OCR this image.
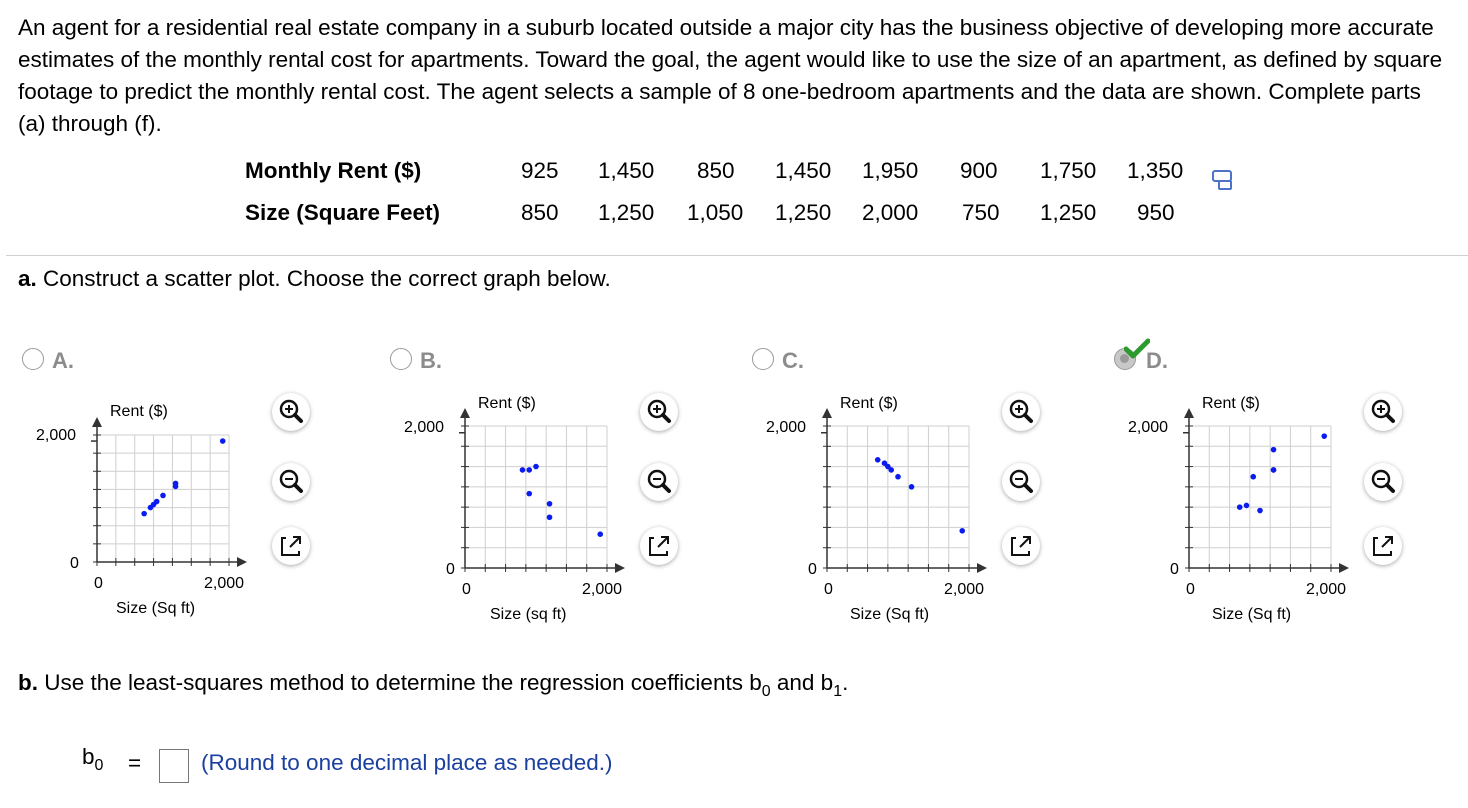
An agent for a residential real estate company in a suburb located outside a major city has the business objective of developing more accurate estimates of the monthly rental cost for apartments. Toward the goal, the agent would like to use the size of an apartment, as defined by square footage to predict the monthly rental cost. The agent selects a sample of 8 one-bedroom apartments and the data are shown. Complete parts (a) through (f).
Monthly Rent ($)	925 1,450 850 1,450 1,950 900 1,750 1,350
Size (Square Feet)	850 1,250 1,050 1,250 2,000 750 1,250 950
a. Construct a scatter plot. Choose the correct graph below.
A.
Rent ($)
2,000
0
0	2,000
Size (Sq ft)
B.
Rent ($)
2,000
0
0	2,000
Size (sq ft)
C.
Rent ($)
2,000
0
0	2,000
Size (Sq ft)
D.
Rent ($)
2,000
0
0	2,000
Size (Sq ft)
b. Use the least-squares method to determine the regression coefficients $b_0$ and $b_1$.
$b_0$ =	(Round to one decimal place as needed.)
